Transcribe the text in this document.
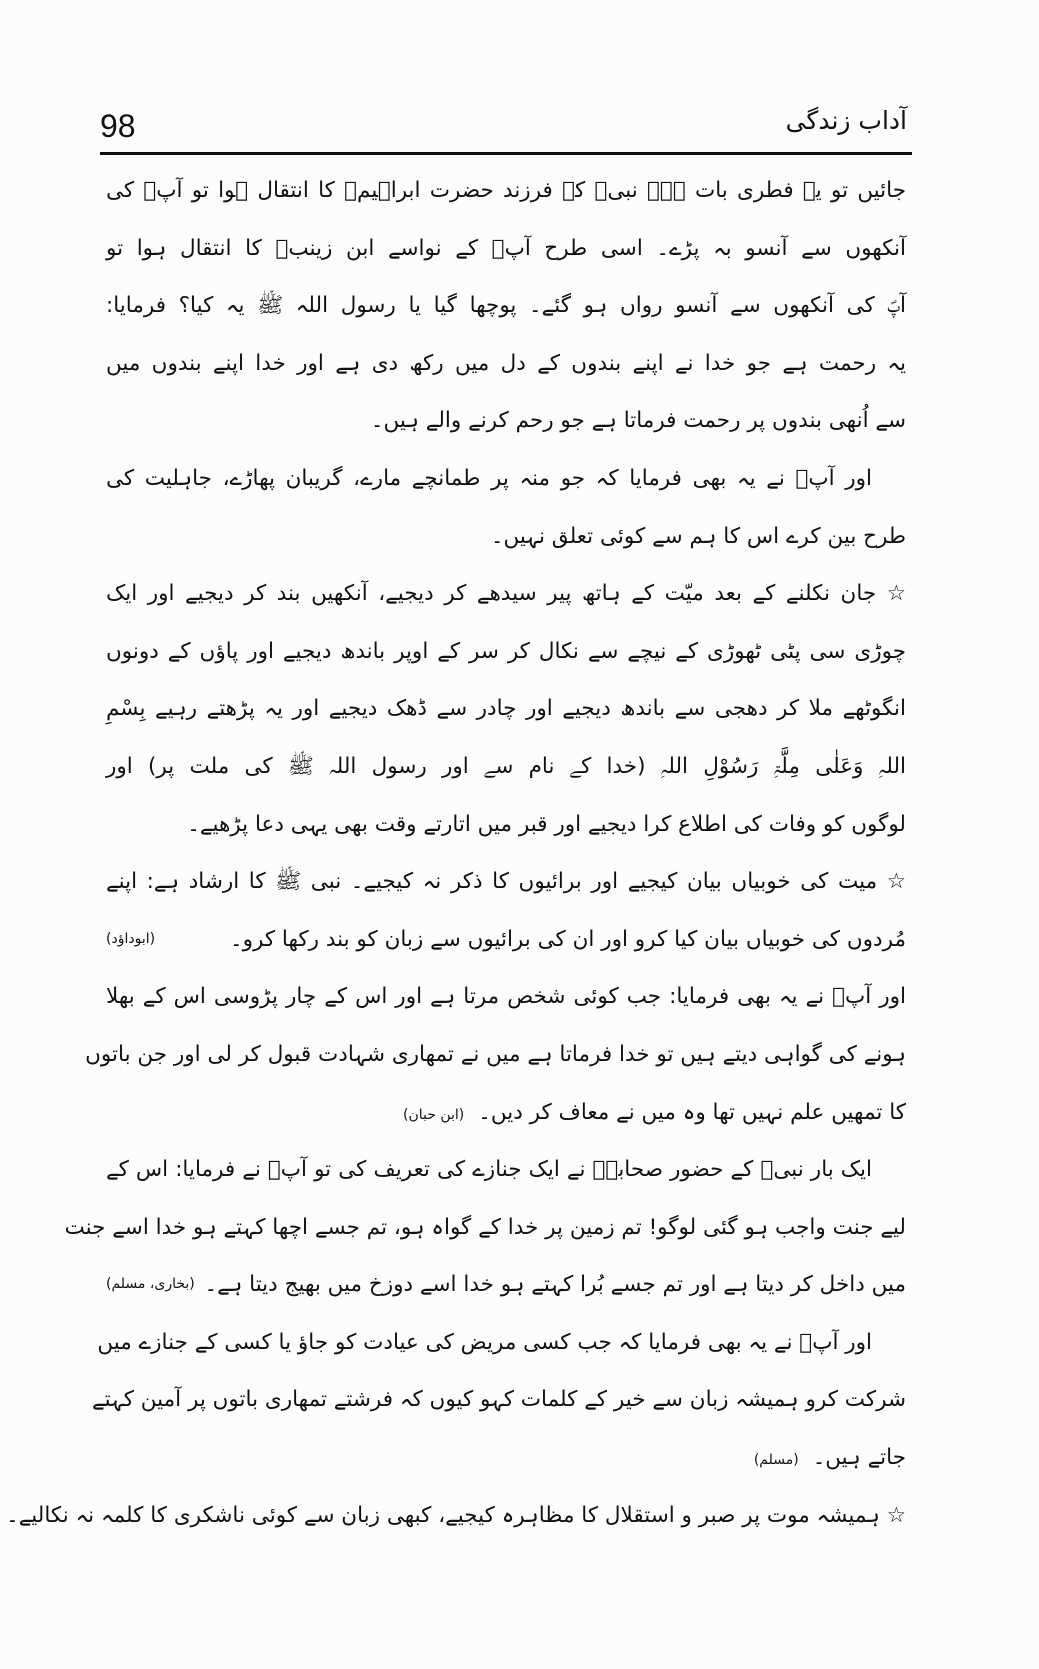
98	آداب زندگی
جائیں تو یہ فطری بات ہے۔ نبیؐ کے فرزند حضرت ابراہیمؓ کا انتقال ہوا تو آپؐ کی
آنکھوں سے آنسو بہ پڑے۔ اسی طرح آپؐ کے نواسے ابن زینبؓ کا انتقال ہوا تو
آپؐ کی آنکھوں سے آنسو رواں ہو گئے۔ پوچھا گیا یا رسول اللہ ﷺ یہ کیا؟ فرمایا:
یہ رحمت ہے جو خدا نے اپنے بندوں کے دل میں رکھ دی ہے اور خدا اپنے بندوں میں
سے اُنھی بندوں پر رحمت فرماتا ہے جو رحم کرنے والے ہیں۔
اور آپؐ نے یہ بھی فرمایا کہ جو منہ پر طمانچے مارے، گریبان پھاڑے، جاہلیت کی
طرح بین کرے اس کا ہم سے کوئی تعلق نہیں۔
☆ جان نکلنے کے بعد میّت کے ہاتھ پیر سیدھے کر دیجیے، آنکھیں بند کر دیجیے اور ایک
چوڑی سی پٹی ٹھوڑی کے نیچے سے نکال کر سر کے اوپر باندھ دیجیے اور پاؤں کے دونوں
انگوٹھے ملا کر دھجی سے باندھ دیجیے اور چادر سے ڈھک دیجیے اور یہ پڑھتے رہیے بِسْمِ
اللہِ وَعَلٰی مِلَّۃِ رَسُوْلِ اللہِ (خدا کے نام سے اور رسول اللہ ﷺ کی ملت پر) اور
لوگوں کو وفات کی اطلاع کرا دیجیے اور قبر میں اتارتے وقت بھی یہی دعا پڑھیے۔
☆ میت کی خوبیاں بیان کیجیے اور برائیوں کا ذکر نہ کیجیے۔ نبی ﷺ کا ارشاد ہے: اپنے
مُردوں کی خوبیاں بیان کیا کرو اور ان کی برائیوں سے زبان کو بند رکھا کرو۔
(ابوداؤد)
اور آپؐ نے یہ بھی فرمایا: جب کوئی شخص مرتا ہے اور اس کے چار پڑوسی اس کے بھلا
ہونے کی گواہی دیتے ہیں تو خدا فرماتا ہے میں نے تمھاری شہادت قبول کر لی اور جن باتوں
کا تمھیں علم نہیں تھا وہ میں نے معاف کر دیں۔(ابن حبان)
ایک بار نبیؐ کے حضور صحابہؓ نے ایک جنازے کی تعریف کی تو آپؐ نے فرمایا: اس کے
لیے جنت واجب ہو گئی لوگو! تم زمین پر خدا کے گواہ ہو، تم جسے اچھا کہتے ہو خدا اسے جنت
میں داخل کر دیتا ہے اور تم جسے بُرا کہتے ہو خدا اسے دوزخ میں بھیج دیتا ہے۔
(بخاری، مسلم)
اور آپؐ نے یہ بھی فرمایا کہ جب کسی مریض کی عیادت کو جاؤ یا کسی کے جنازے میں
شرکت کرو ہمیشہ زبان سے خیر کے کلمات کہو کیوں کہ فرشتے تمھاری باتوں پر آمین کہتے
جاتے ہیں۔(مسلم)
☆ ہمیشہ موت پر صبر و استقلال کا مظاہرہ کیجیے، کبھی زبان سے کوئی ناشکری کا کلمہ نہ نکالیے۔
